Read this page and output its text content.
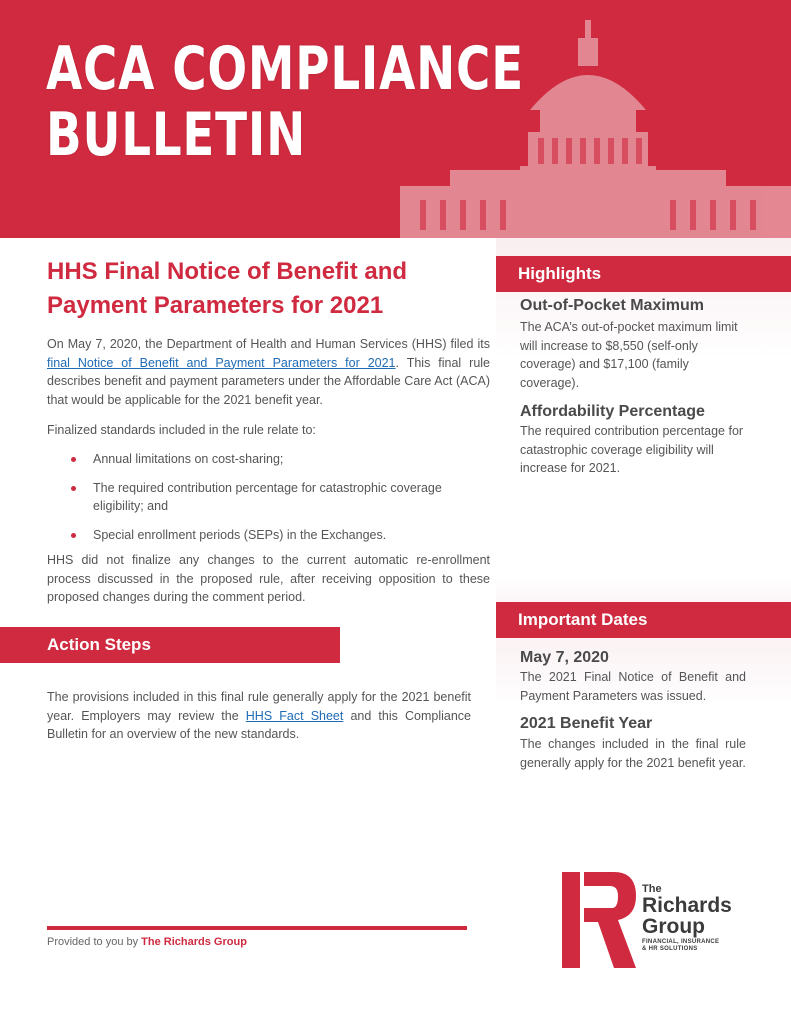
ACA COMPLIANCE
BULLETIN
HHS Final Notice of Benefit and
Payment Parameters for 2021

On May 7, 2020, the Department of Health and Human Services (HHS) filed its final Notice of Benefit and Payment Parameters for 2021. This final rule describes benefit and payment parameters under the Affordable Care Act (ACA) that would be applicable for the 2021 benefit year.

Finalized standards included in the rule relate to:

Annual limitations on cost-sharing;
The required contribution percentage for catastrophic coverage eligibility; and
Special enrollment periods (SEPs) in the Exchanges.

HHS did not finalize any changes to the current automatic re-enrollment process discussed in the proposed rule, after receiving opposition to these proposed changes during the comment period.

Action Steps

The provisions included in this final rule generally apply for the 2021 benefit year. Employers may review the HHS Fact Sheet and this Compliance Bulletin for an overview of the new standards.

Provided to you by The Richards Group
Highlights
Out-of-Pocket Maximum
The ACA’s out-of-pocket maximum limit will increase to $8,550 (self-only coverage) and $17,100 (family coverage).
Affordability Percentage
The required contribution percentage for catastrophic coverage eligibility will increase for 2021.
Important Dates
May 7, 2020
The 2021 Final Notice of Benefit and Payment Parameters was issued.
2021 Benefit Year
The changes included in the final rule generally apply for the 2021 benefit year.
The
Richards
Group
FINANCIAL, INSURANCE
& HR SOLUTIONS
